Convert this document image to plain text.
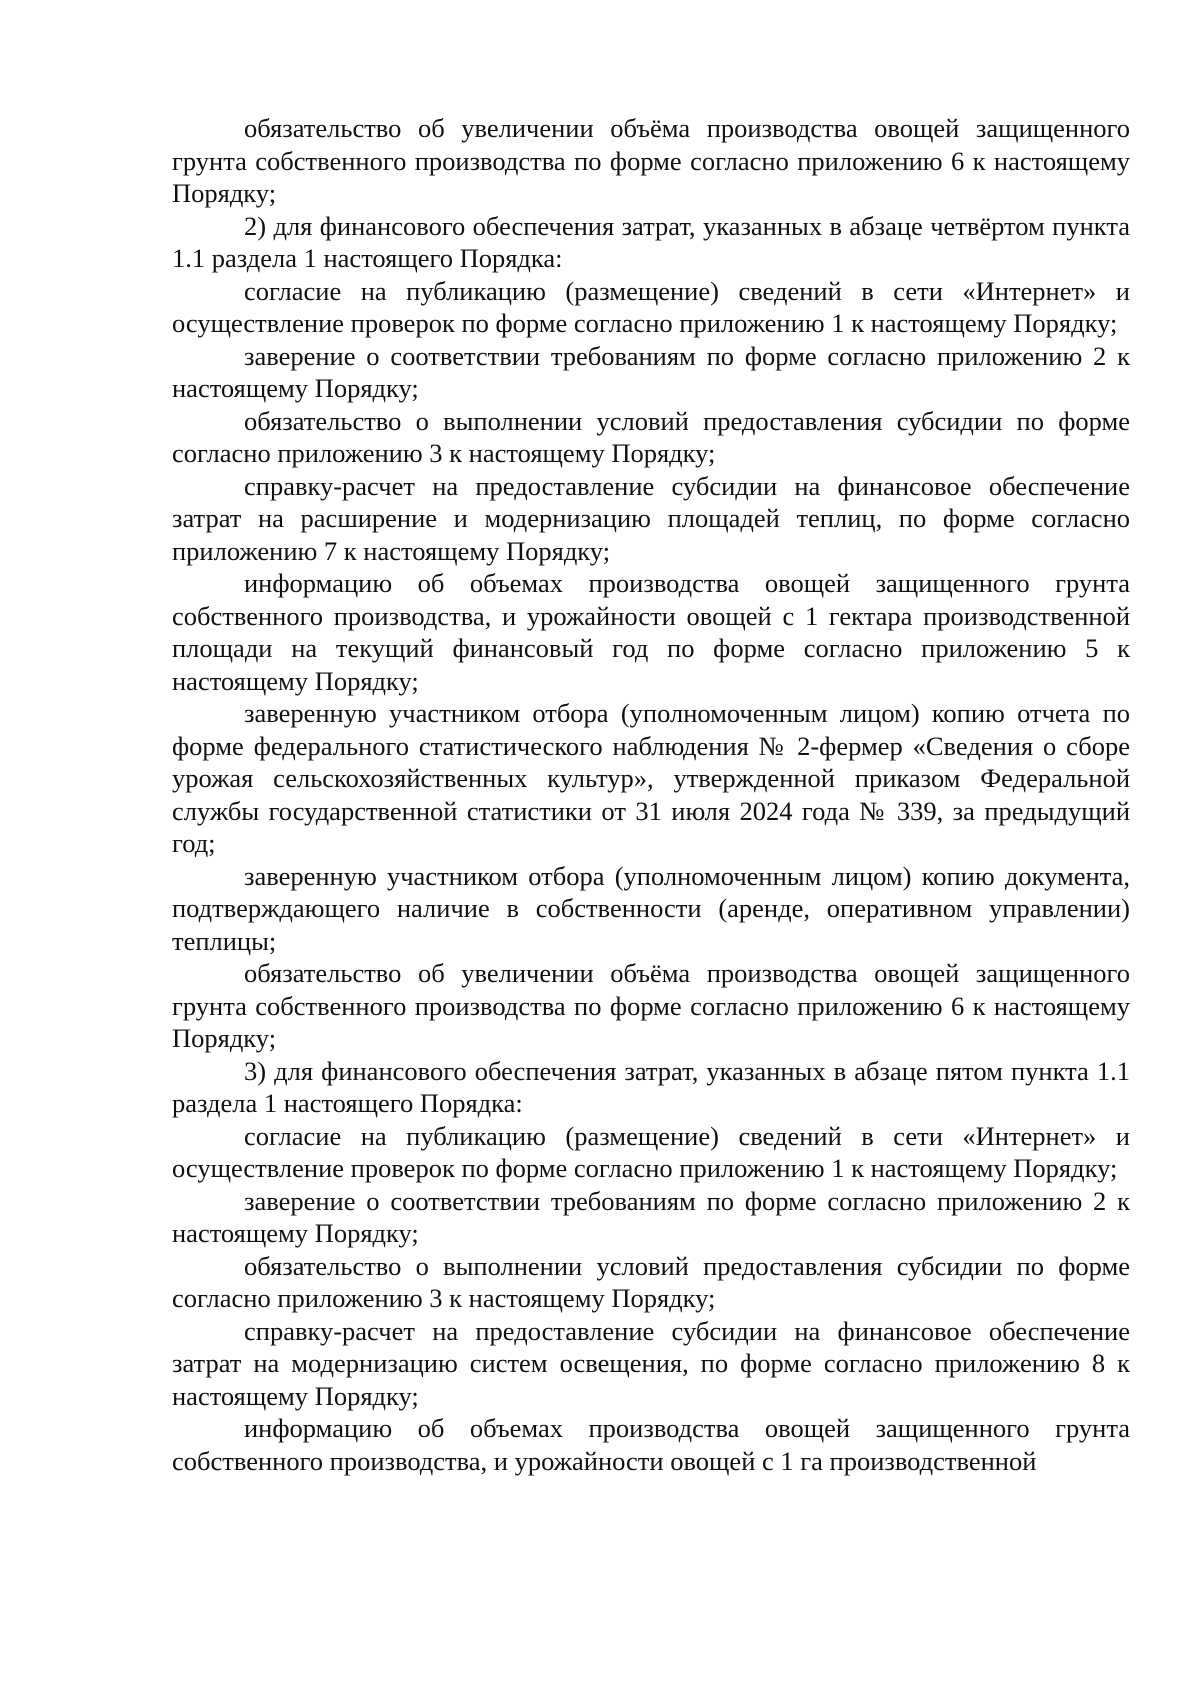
обязательство об увеличении объёма производства овощей защищенного грунта собственного производства по форме согласно приложению 6 к настоящему Порядку;

2) для финансового обеспечения затрат, указанных в абзаце четвёртом пункта 1.1 раздела 1 настоящего Порядка:

согласие на публикацию (размещение) сведений в сети «Интернет» и осуществление проверок по форме согласно приложению 1 к настоящему Порядку;

заверение о соответствии требованиям по форме согласно приложению 2 к настоящему Порядку;

обязательство о выполнении условий предоставления субсидии по форме согласно приложению 3 к настоящему Порядку;

справку-расчет на предоставление субсидии на финансовое обеспечение затрат на расширение и модернизацию площадей теплиц, по форме согласно приложению 7 к настоящему Порядку;

информацию об объемах производства овощей защищенного грунта собственного производства, и урожайности овощей с 1 гектара производственной площади на текущий финансовый год по форме согласно приложению 5 к настоящему Порядку;

заверенную участником отбора (уполномоченным лицом) копию отчета по форме федерального статистического наблюдения № 2-фермер «Сведения о сборе урожая сельскохозяйственных культур», утвержденной приказом Федеральной службы государственной статистики от 31 июля 2024 года № 339, за предыдущий год;

заверенную участником отбора (уполномоченным лицом) копию документа, подтверждающего наличие в собственности (аренде, оперативном управлении) теплицы;

обязательство об увеличении объёма производства овощей защищенного грунта собственного производства по форме согласно приложению 6 к настоящему Порядку;

3) для финансового обеспечения затрат, указанных в абзаце пятом пункта 1.1 раздела 1 настоящего Порядка:

согласие на публикацию (размещение) сведений в сети «Интернет» и осуществление проверок по форме согласно приложению 1 к настоящему Порядку;

заверение о соответствии требованиям по форме согласно приложению 2 к настоящему Порядку;

обязательство о выполнении условий предоставления субсидии по форме согласно приложению 3 к настоящему Порядку;

справку-расчет на предоставление субсидии на финансовое обеспечение затрат на модернизацию систем освещения, по форме согласно приложению 8 к настоящему Порядку;

информацию об объемах производства овощей защищенного грунта собственного производства, и урожайности овощей с 1 га производственной
